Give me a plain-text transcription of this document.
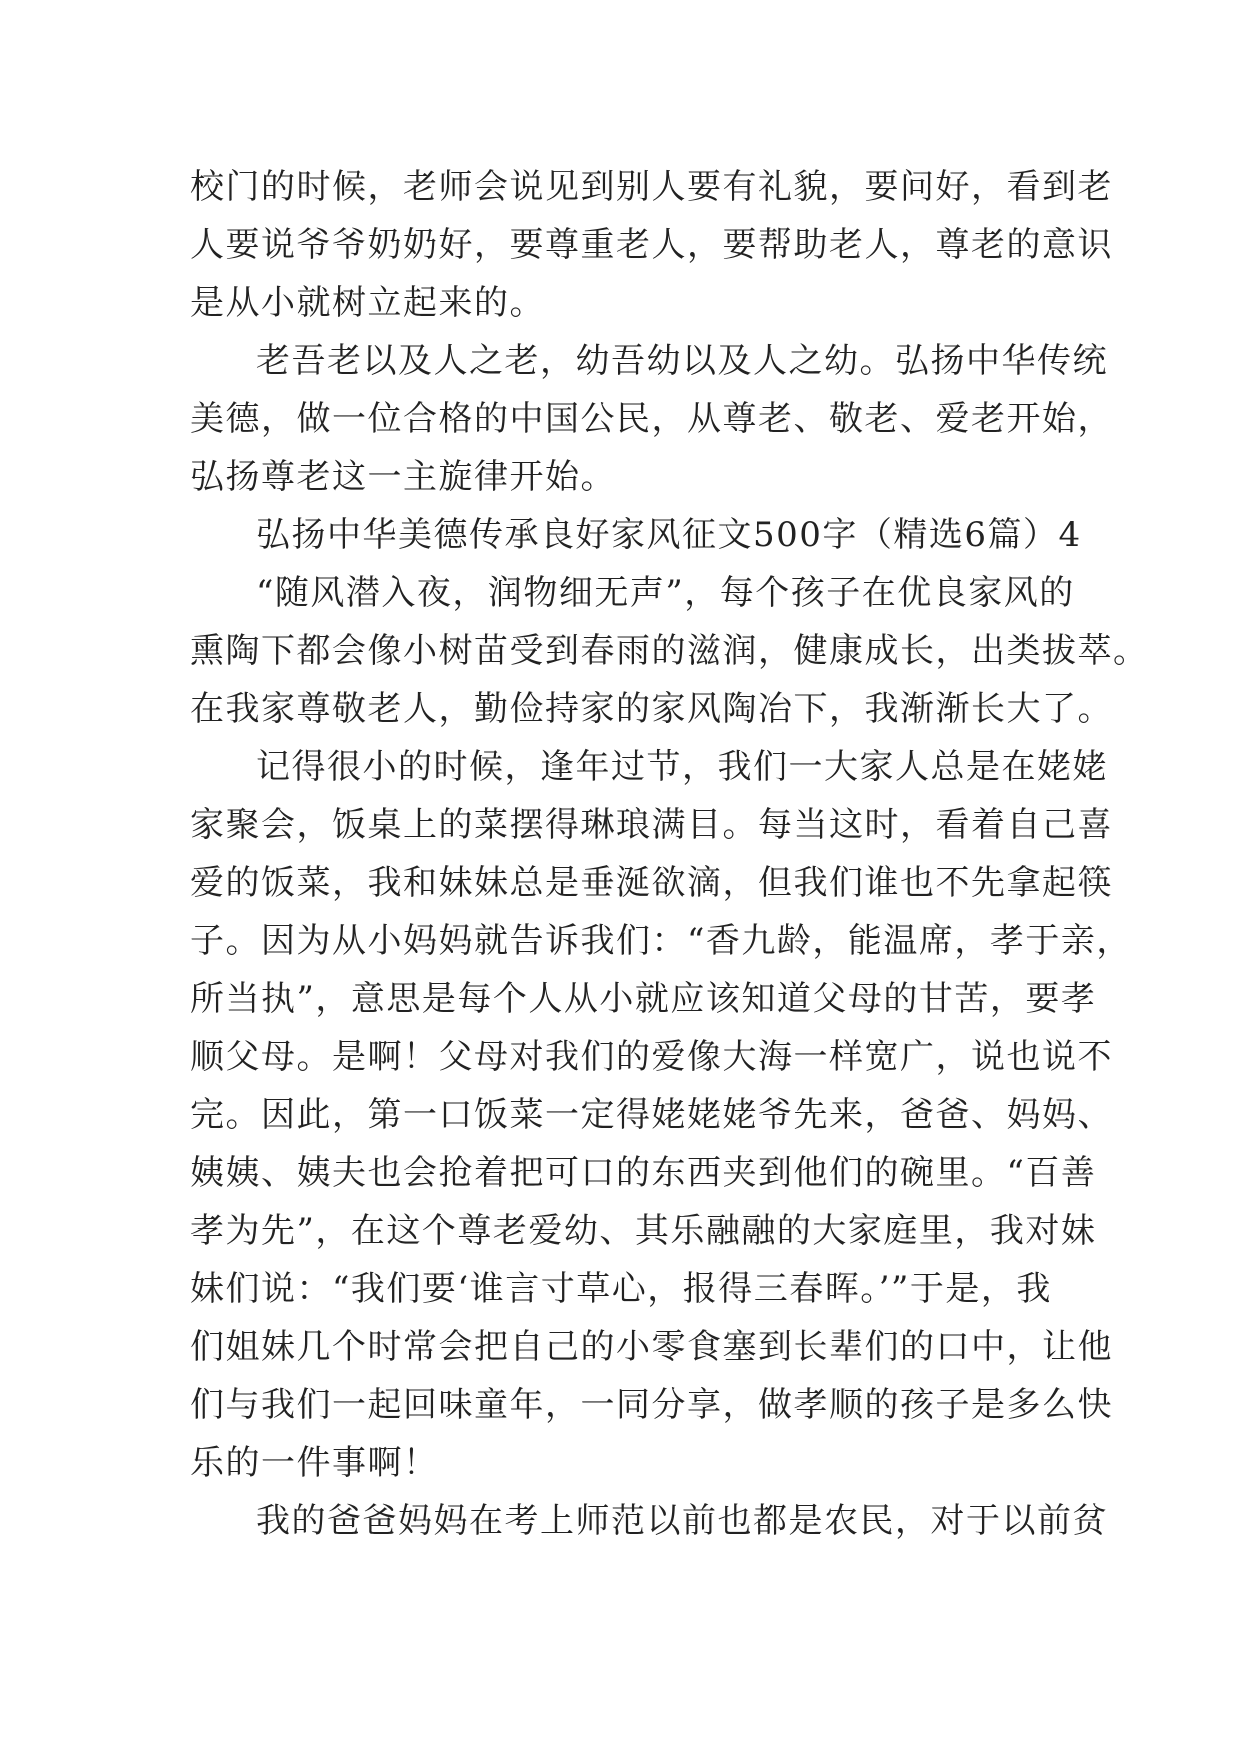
校门的时候，老师会说见到别人要有礼貌，要问好，看到老
人要说爷爷奶奶好，要尊重老人，要帮助老人，尊老的意识
是从小就树立起来的。
老吾老以及人之老，幼吾幼以及人之幼。弘扬中华传统
美德，做一位合格的中国公民，从尊老、敬老、爱老开始，
弘扬尊老这一主旋律开始。
弘扬中华美德传承良好家风征文500字（精选6篇）4
“随风潜入夜，润物细无声”，每个孩子在优良家风的
熏陶下都会像小树苗受到春雨的滋润，健康成长，出类拔萃。
在我家尊敬老人，勤俭持家的家风陶冶下，我渐渐长大了。
记得很小的时候，逢年过节，我们一大家人总是在姥姥
家聚会，饭桌上的菜摆得琳琅满目。每当这时，看着自己喜
爱的饭菜，我和妹妹总是垂涎欲滴，但我们谁也不先拿起筷
子。因为从小妈妈就告诉我们：“香九龄，能温席，孝于亲，
所当执”，意思是每个人从小就应该知道父母的甘苦，要孝
顺父母。是啊！父母对我们的爱像大海一样宽广，说也说不
完。因此，第一口饭菜一定得姥姥姥爷先来，爸爸、妈妈、
姨姨、姨夫也会抢着把可口的东西夹到他们的碗里。“百善
孝为先”，在这个尊老爱幼、其乐融融的大家庭里，我对妹
妹们说：“我们要‘谁言寸草心，报得三春晖。’”于是，我
们姐妹几个时常会把自己的小零食塞到长辈们的口中，让他
们与我们一起回味童年，一同分享，做孝顺的孩子是多么快
乐的一件事啊！
我的爸爸妈妈在考上师范以前也都是农民，对于以前贫
